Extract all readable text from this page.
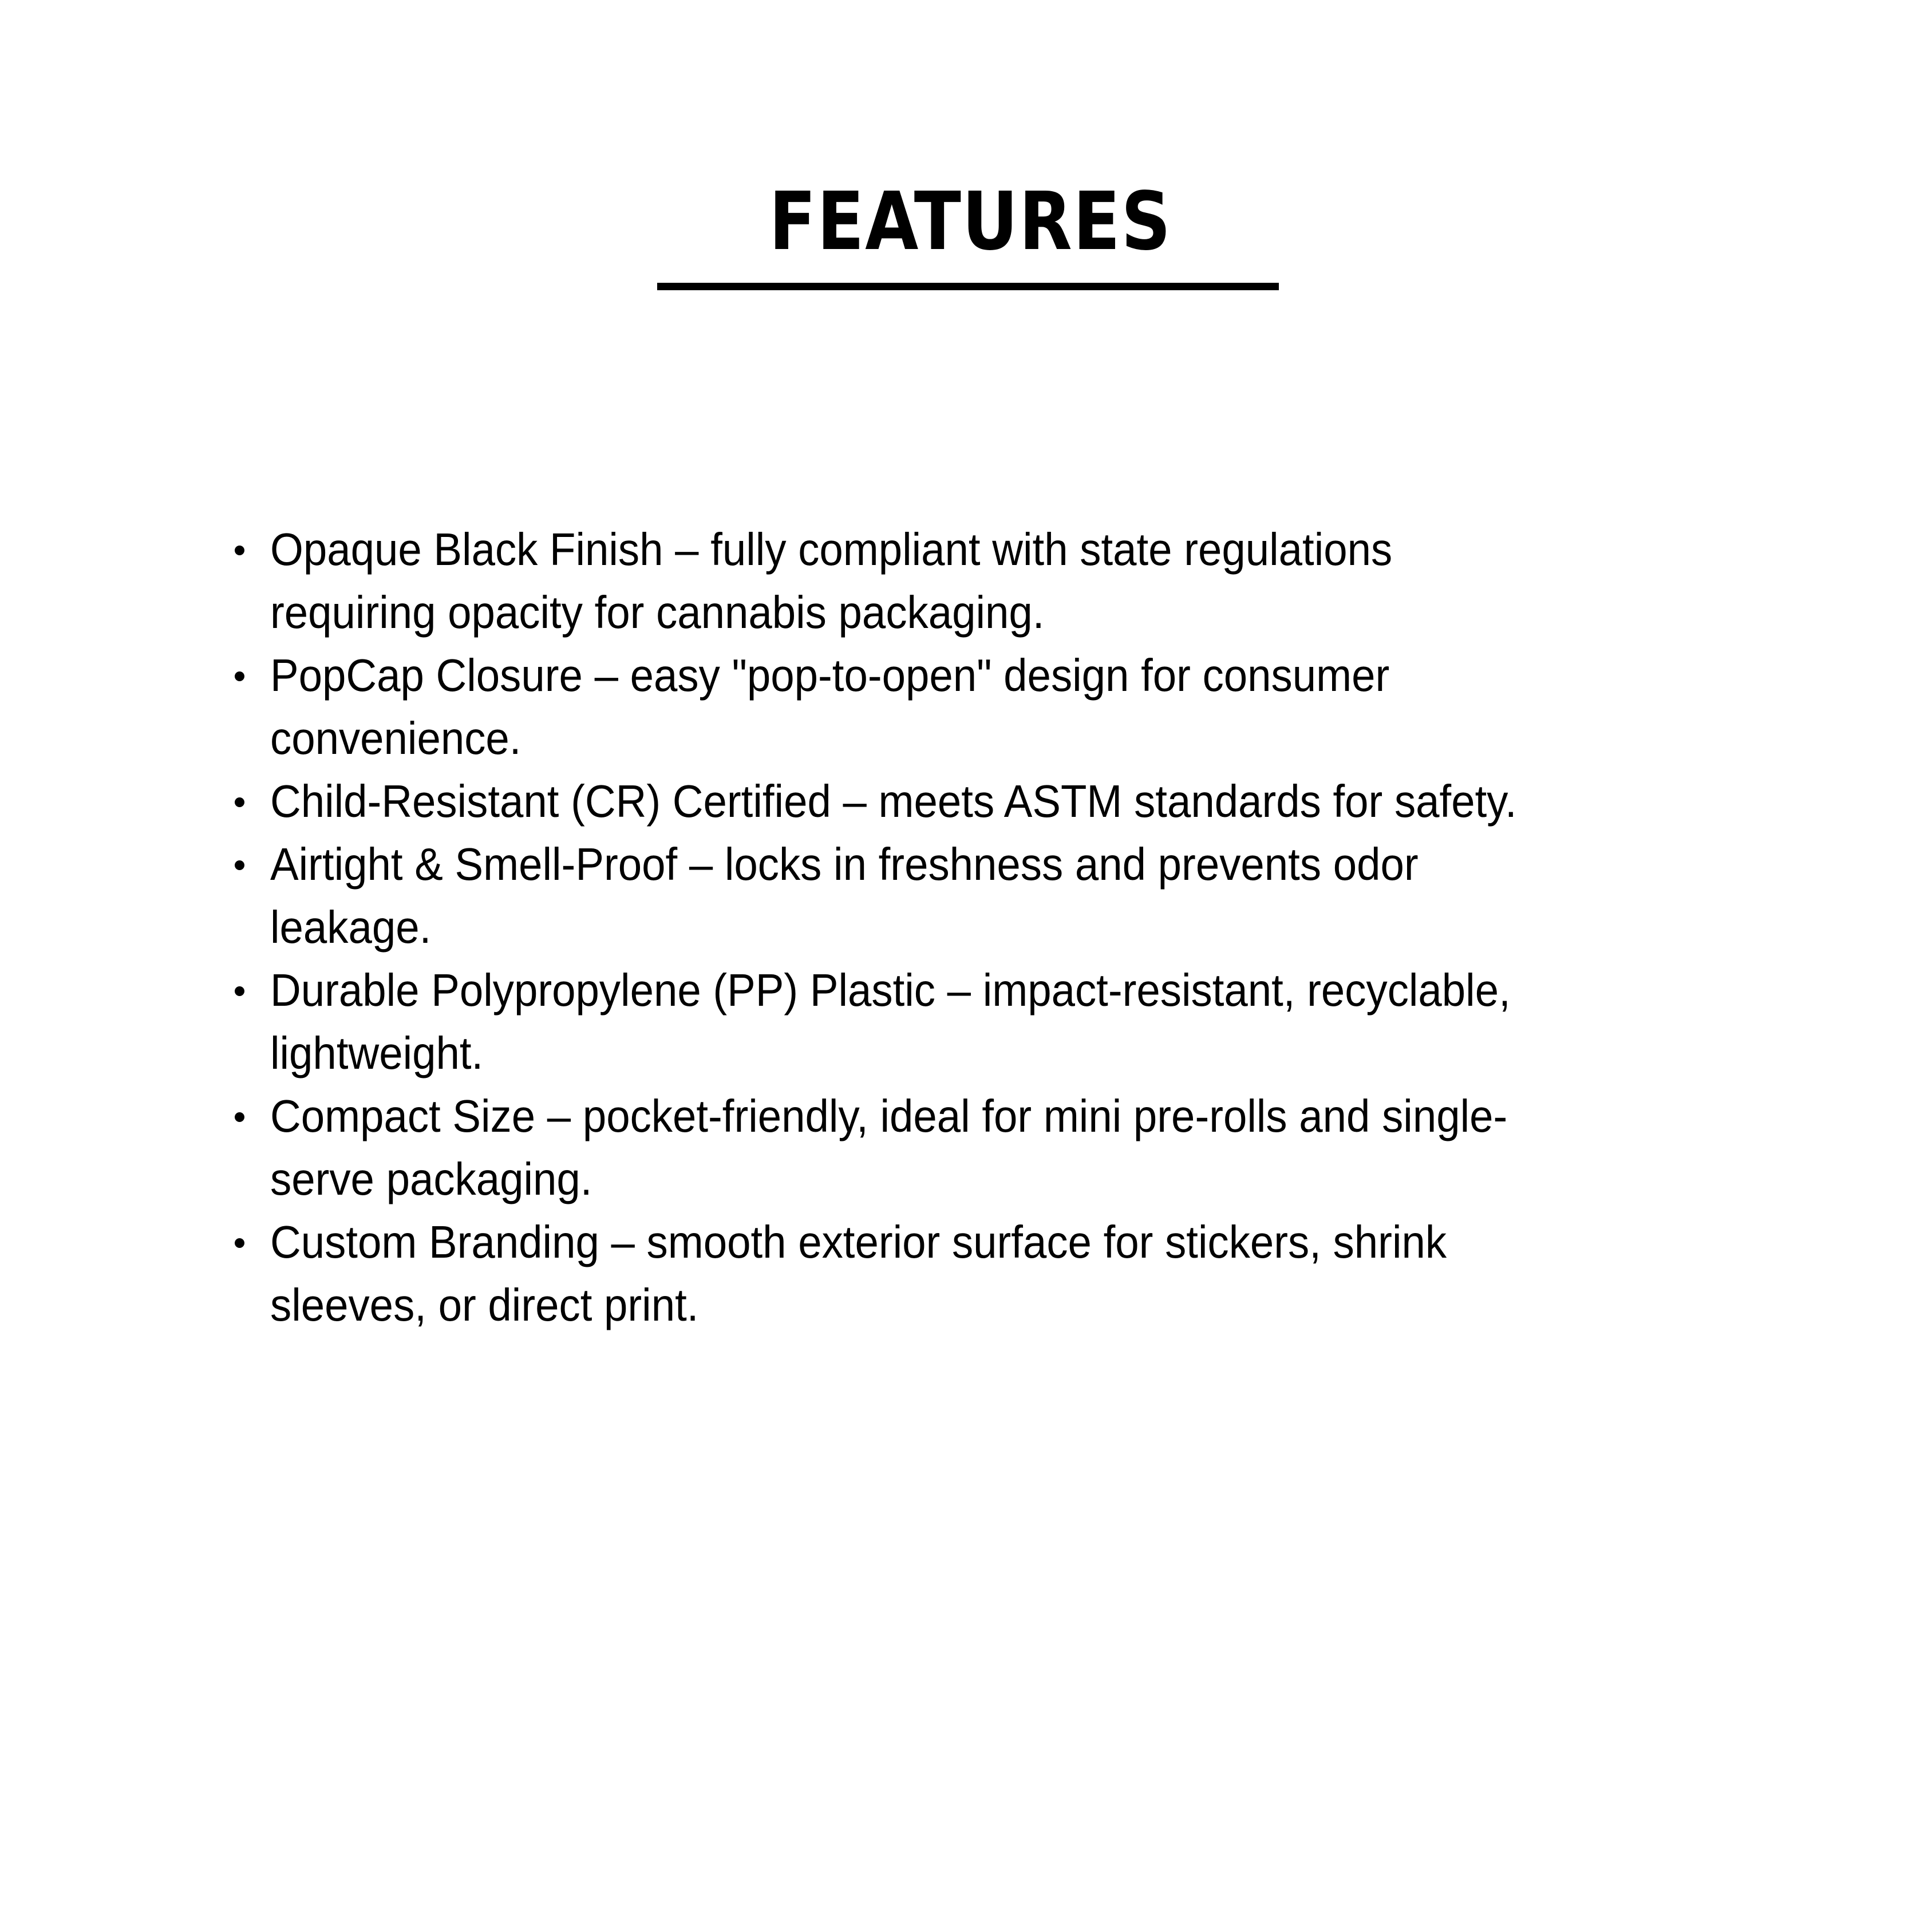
FEATURES
Opaque Black Finish – fully compliant with state regulations
requiring opacity for cannabis packaging.
PopCap Closure – easy "pop-to-open" design for consumer
convenience.
Child-Resistant (CR) Certified – meets ASTM standards for safety.
Airtight & Smell-Proof – locks in freshness and prevents odor
leakage.
Durable Polypropylene (PP) Plastic – impact-resistant, recyclable,
lightweight.
Compact Size – pocket-friendly, ideal for mini pre-rolls and single-
serve packaging.
Custom Branding – smooth exterior surface for stickers, shrink
sleeves, or direct print.
